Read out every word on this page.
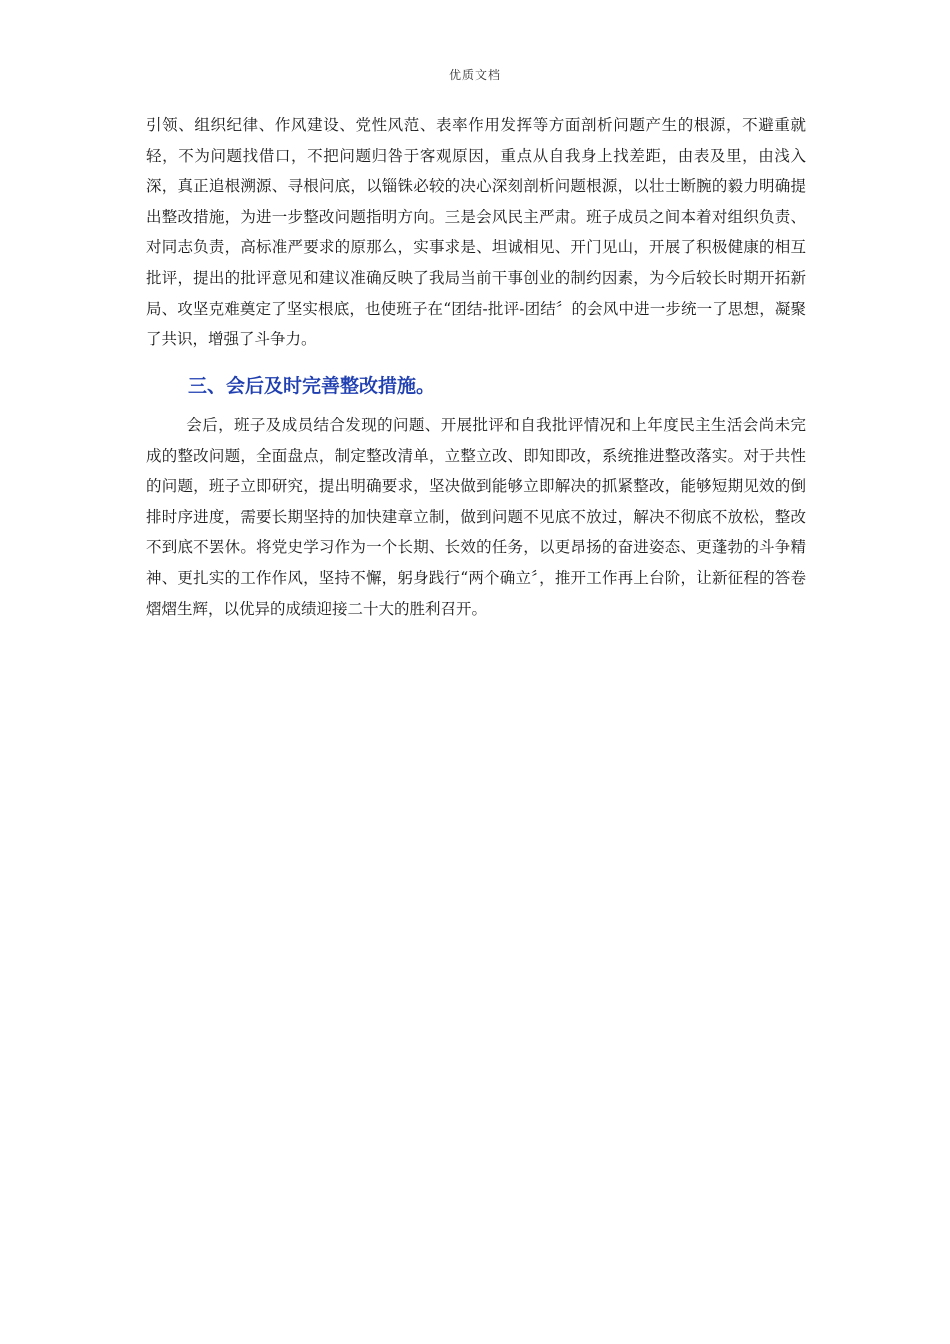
优质文档
引领、组织纪律、作风建设、党性风范、表率作用发挥等方面剖析问题产生的根源，不避重就轻，不为问题找借口，不把问题归咎于客观原因，重点从自我身上找差距，由表及里，由浅入深，真正追根溯源、寻根问底，以锱铢必较的决心深刻剖析问题根源，以壮士断腕的毅力明确提出整改措施，为进一步整改问题指明方向。三是会风民主严肃。班子成员之间本着对组织负责、对同志负责，高标准严要求的原那么，实事求是、坦诚相见、开门见山，开展了积极健康的相互批评，提出的批评意见和建议准确反映了我局当前干事创业的制约因素，为今后较长时期开拓新局、攻坚克难奠定了坚实根底，也使班子在“团结-批评-团结〞的会风中进一步统一了思想，凝聚了共识，增强了斗争力。
三、会后及时完善整改措施。
会后，班子及成员结合发现的问题、开展批评和自我批评情况和上年度民主生活会尚未完成的整改问题，全面盘点，制定整改清单，立整立改、即知即改，系统推进整改落实。对于共性的问题，班子立即研究，提出明确要求，坚决做到能够立即解决的抓紧整改，能够短期见效的倒排时序进度，需要长期坚持的加快建章立制，做到问题不见底不放过，解决不彻底不放松，整改不到底不罢休。将党史学习作为一个长期、长效的任务，以更昂扬的奋进姿态、更蓬勃的斗争精神、更扎实的工作作风，坚持不懈，躬身践行“两个确立〞，推开工作再上台阶，让新征程的答卷熠熠生辉，以优异的成绩迎接二十大的胜利召开。
